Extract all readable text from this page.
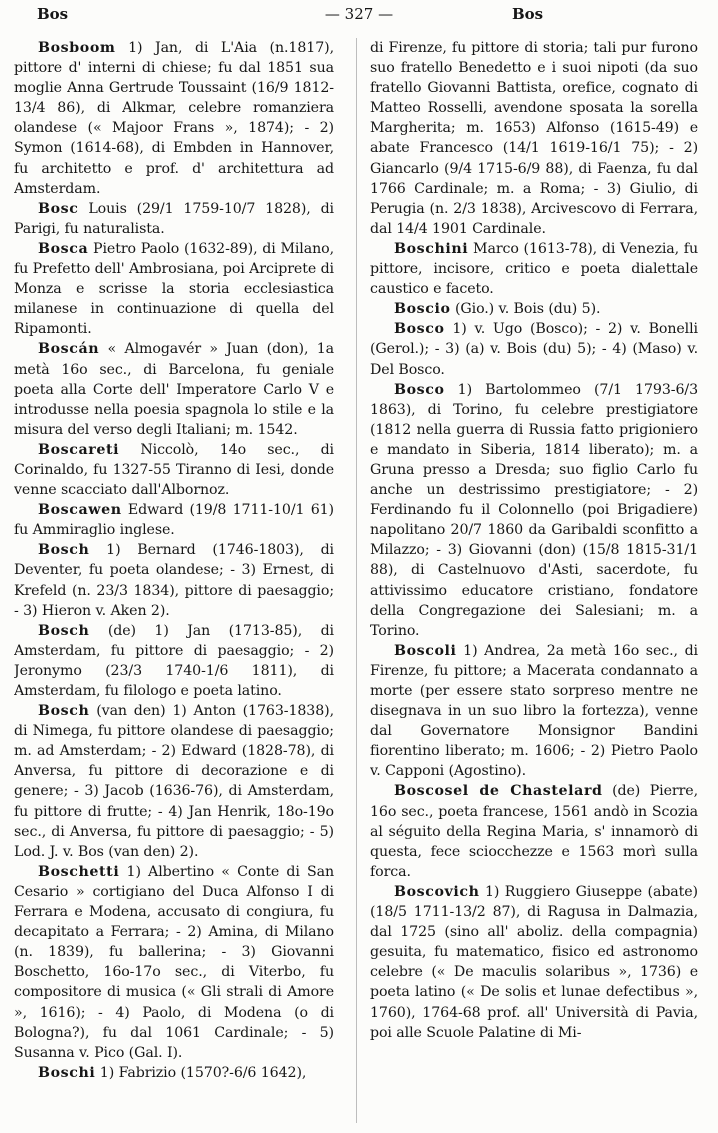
Bos	— 327 —	Bos

Bosboom 1) Jan, di L'Aia (n.1817), pittore d' interni di chiese; fu dal 1851 sua moglie Anna Gertrude Toussaint (16/9 1812-13/4 86), di Alkmar, celebre romanziera olandese (« Majoor Frans », 1874); - 2) Symon (1614-68), di Embden in Hannover, fu architetto e prof. d' architettura ad Amsterdam.

Bosc Louis (29/1 1759-10/7 1828), di Parigi, fu naturalista.

Bosca Pietro Paolo (1632-89), di Milano, fu Prefetto dell' Ambrosiana, poi Arciprete di Monza e scrisse la storia ecclesiastica milanese in continuazione di quella del Ripamonti.

Boscán « Almogavér » Juan (don), 1a metà 16o sec., di Barcelona, fu geniale poeta alla Corte dell' Imperatore Carlo V e introdusse nella poesia spagnola lo stile e la misura del verso degli Italiani; m. 1542.

Boscareti Niccolò, 14o sec., di Corinaldo, fu 1327-55 Tiranno di Iesi, donde venne scacciato dall'Albornoz.

Boscawen Edward (19/8 1711-10/1 61) fu Ammiraglio inglese.

Bosch 1) Bernard (1746-1803), di Deventer, fu poeta olandese; - 3) Ernest, di Krefeld (n. 23/3 1834), pittore di paesaggio; - 3) Hieron v. Aken 2).

Bosch (de) 1) Jan (1713-85), di Amsterdam, fu pittore di paesaggio; - 2) Jeronymo (23/3 1740-1/6 1811), di Amsterdam, fu filologo e poeta latino.

Bosch (van den) 1) Anton (1763-1838), di Nimega, fu pittore olandese di paesaggio; m. ad Amsterdam; - 2) Edward (1828-78), di Anversa, fu pittore di decorazione e di genere; - 3) Jacob (1636-76), di Amsterdam, fu pittore di frutte; - 4) Jan Henrik, 18o-19o sec., di Anversa, fu pittore di paesaggio; - 5) Lod. J. v. Bos (van den) 2).

Boschetti 1) Albertino « Conte di San Cesario » cortigiano del Duca Alfonso I di Ferrara e Modena, accusato di congiura, fu decapitato a Ferrara; - 2) Amina, di Milano (n. 1839), fu ballerina; - 3) Giovanni Boschetto, 16o-17o sec., di Viterbo, fu compositore di musica (« Gli strali di Amore », 1616); - 4) Paolo, di Modena (o di Bologna?), fu dal 1061 Cardinale; - 5) Susanna v. Pico (Gal. I).

Boschi 1) Fabrizio (1570?-6/6 1642),

di Firenze, fu pittore di storia; tali pur furono suo fratello Benedetto e i suoi nipoti (da suo fratello Giovanni Battista, orefice, cognato di Matteo Rosselli, avendone sposata la sorella Margherita; m. 1653) Alfonso (1615-49) e abate Francesco (14/1 1619-16/1 75); - 2) Giancarlo (9/4 1715-6/9 88), di Faenza, fu dal 1766 Cardinale; m. a Roma; - 3) Giulio, di Perugia (n. 2/3 1838), Arcivescovo di Ferrara, dal 14/4 1901 Cardinale.

Boschini Marco (1613-78), di Venezia, fu pittore, incisore, critico e poeta dialettale caustico e faceto.

Boscio (Gio.) v. Bois (du) 5).

Bosco 1) v. Ugo (Bosco); - 2) v. Bonelli (Gerol.); - 3) (a) v. Bois (du) 5); - 4) (Maso) v. Del Bosco.

Bosco 1) Bartolommeo (7/1 1793-6/3 1863), di Torino, fu celebre prestigiatore (1812 nella guerra di Russia fatto prigioniero e mandato in Siberia, 1814 liberato); m. a Gruna presso a Dresda; suo figlio Carlo fu anche un destrissimo prestigiatore; - 2) Ferdinando fu il Colonnello (poi Brigadiere) napolitano 20/7 1860 da Garibaldi sconfitto a Milazzo; - 3) Giovanni (don) (15/8 1815-31/1 88), di Castelnuovo d'Asti, sacerdote, fu attivissimo educatore cristiano, fondatore della Congregazione dei Salesiani; m. a Torino.

Boscoli 1) Andrea, 2a metà 16o sec., di Firenze, fu pittore; a Macerata condannato a morte (per essere stato sorpreso mentre ne disegnava in un suo libro la fortezza), venne dal Governatore Monsignor Bandini fiorentino liberato; m. 1606; - 2) Pietro Paolo v. Capponi (Agostino).

Boscosel de Chastelard (de) Pierre, 16o sec., poeta francese, 1561 andò in Scozia al séguito della Regina Maria, s' innamorò di questa, fece sciocchezze e 1563 morì sulla forca.

Boscovich 1) Ruggiero Giuseppe (abate) (18/5 1711-13/2 87), di Ragusa in Dalmazia, dal 1725 (sino all' aboliz. della compagnia) gesuita, fu matematico, fisico ed astronomo celebre (« De maculis solaribus », 1736) e poeta latino (« De solis et lunae defectibus », 1760), 1764-68 prof. all' Università di Pavia, poi alle Scuole Palatine di Mi-
